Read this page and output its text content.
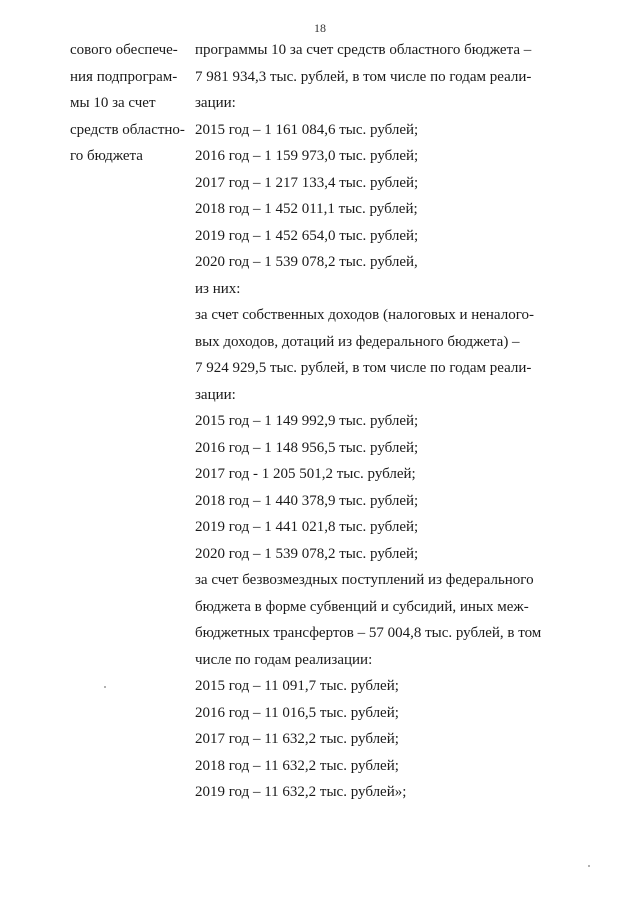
18
сового обеспече-
ния подпрограм-
мы 10 за счет
средств областно-
го бюджета
программы 10 за счет средств областного бюджета –
7 981 934,3 тыс. рублей, в том числе по годам реали-
зации:
2015 год – 1 161 084,6 тыс. рублей;
2016 год – 1 159 973,0 тыс. рублей;
2017 год – 1 217 133,4 тыс. рублей;
2018 год – 1 452 011,1 тыс. рублей;
2019 год – 1 452 654,0 тыс. рублей;
2020 год – 1 539 078,2 тыс. рублей,
из них:
за счет собственных доходов (налоговых и неналого-
вых доходов, дотаций из федерального бюджета) –
7 924 929,5 тыс. рублей, в том числе по годам реали-
зации:
2015 год – 1 149 992,9 тыс. рублей;
2016 год – 1 148 956,5 тыс. рублей;
2017 год - 1 205 501,2 тыс. рублей;
2018 год – 1 440 378,9 тыс. рублей;
2019 год – 1 441 021,8 тыс. рублей;
2020 год – 1 539 078,2 тыс. рублей;
за счет безвозмездных поступлений из федерального
бюджета в форме субвенций и субсидий, иных меж-
бюджетных трансфертов – 57 004,8 тыс. рублей, в том
числе по годам реализации:
2015 год – 11 091,7 тыс. рублей;
2016 год – 11 016,5 тыс. рублей;
2017 год – 11 632,2 тыс. рублей;
2018 год – 11 632,2 тыс. рублей;
2019 год – 11 632,2 тыс. рублей»;
